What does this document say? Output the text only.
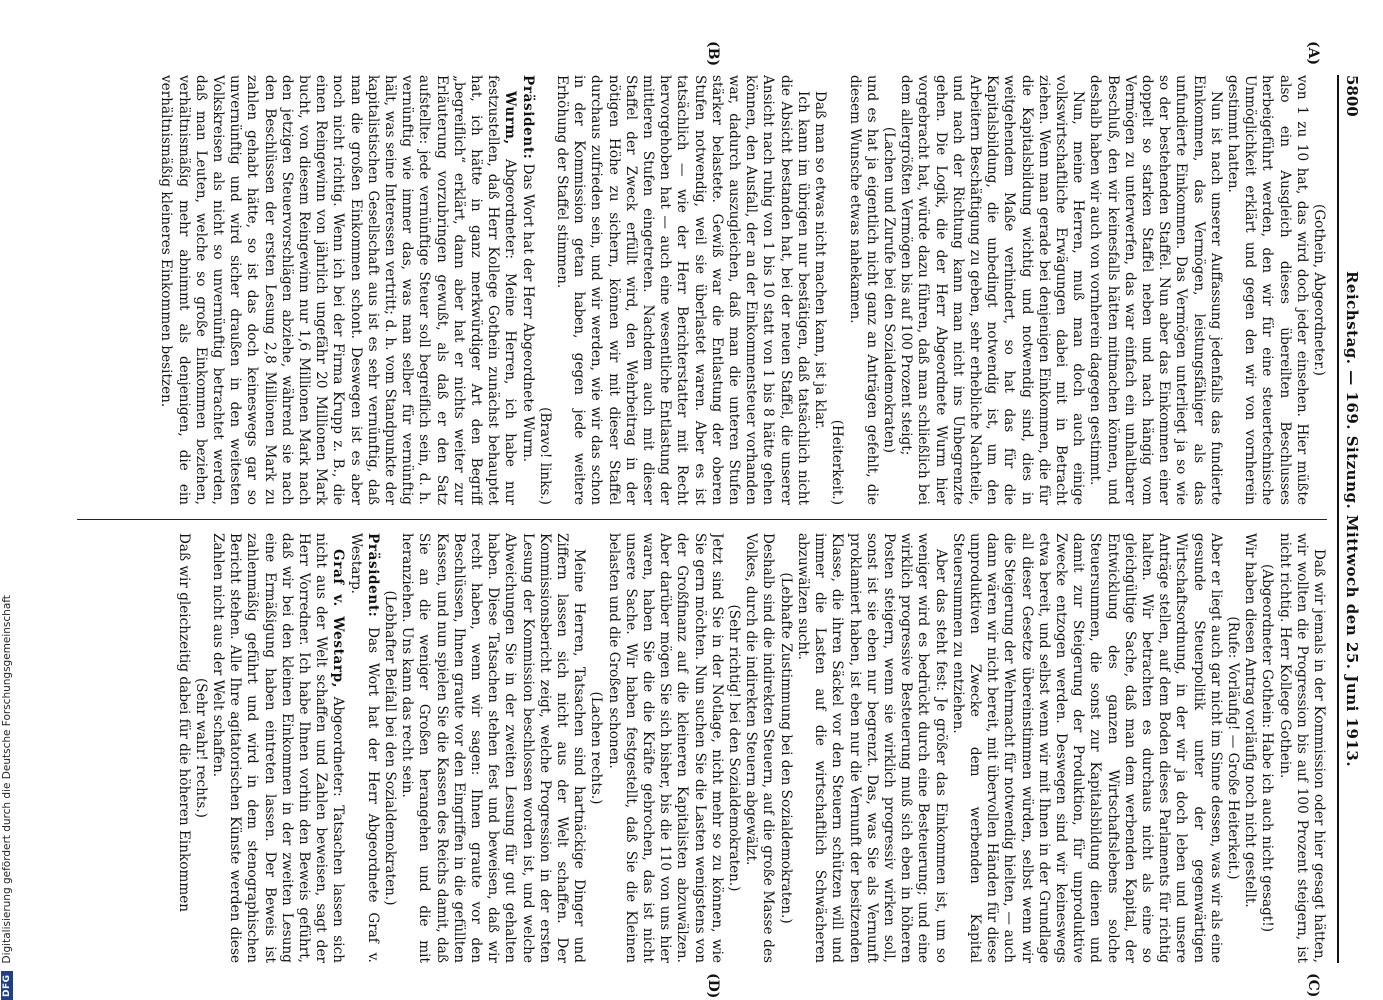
5800
Reichstag. — 169. Sitzung. Mittwoch den 25. Juni 1913.
(A)
(B)
(C)
(D)

(Gothein, Abgeordneter.)

von 1 zu 10 hat, das wird doch jeder einsehen. Hier müßte also ein Ausgleich dieses übereilten Beschlusses herbeigeführt werden, den wir für eine steuertechnische Unmöglichkeit erklärt und gegen den wir von vornherein gestimmt hatten.

Nun ist nach unserer Auffassung jedenfalls das fundierte Einkommen, das Vermögen, leistungsfähiger als das unfundierte Einkommen. Das Vermögen unterliegt ja so wie so der bestehenden Staffel. Nun aber das Einkommen einer doppelt so starken Staffel neben und nach hängig vom Vermögen zu unterwerfen, das war einfach ein unhaltbarer Beschluß, den wir keinesfalls hätten mitmachen können, und deshalb haben wir auch von vornherein dagegen gestimmt.

Nun, meine Herren, muß man doch auch einige volkswirtschaftliche Erwägungen dabei mit in Betracht ziehen. Wenn man gerade bei denjenigen Einkommen, die für die Kapitalsbildung wichtig und notwendig sind, dies in weitgehendem Maße verhindert, so hat das für die Kapitalsbildung, die unbedingt notwendig ist, um den Arbeitern Beschäftigung zu geben, sehr erhebliche Nachteile, und nach der Richtung kann man nicht ins Unbegrenzte gehen. Die Logik, die der Herr Abgeordnete Wurm hier vorgebracht hat, würde dazu führen, daß man schließlich bei dem allergrößten Vermögen bis auf 100 Prozent steigt;

(Lachen und Zurufe bei den Sozialdemokraten)

und es hat ja eigentlich nicht ganz an Anträgen gefehlt, die diesem Wunsche etwas nahekamen.

(Heiterkeit.)

Daß man so etwas nicht machen kann, ist ja klar.

Ich kann im übrigen nur bestätigen, daß tatsächlich nicht die Absicht bestanden hat, bei der neuen Staffel, die unserer Ansicht nach ruhig von 1 bis 10 statt von 1 bis 8 hätte gehen können, den Ausfall, der an der Einkommensteuer vorhanden war, dadurch auszugleichen, daß man die unteren Stufen stärker belastete. Gewiß war die Entlastung der oberen Stufen notwendig, weil sie überlastet waren. Aber es ist tatsächlich — wie der Herr Berichterstatter mit Recht hervorgehoben hat — auch eine wesentliche Entlastung der mittleren Stufen eingetreten. Nachdem auch mit dieser Staffel der Zweck erfüllt wird, den Wehrbeitrag in der nötigen Höhe zu sichern, können wir mit dieser Staffel durchaus zufrieden sein, und wir werden, wie wir das schon in der Kommission getan haben, gegen jede weitere Erhöhung der Staffel stimmen.

(Bravo! links.)

Präsident: Das Wort hat der Herr Abgeordnete Wurm.

Wurm, Abgeordneter: Meine Herren, ich habe nur festzustellen, daß Herr Kollege Gothein zunächst behauptet hat, ich hätte in ganz merkwürdiger Art den Begriff „begreiflich“ erklärt, dann aber hat er nichts weiter zur Erläuterung vorzubringen gewußt, als daß er den Satz aufstellte: jede vernünftige Steuer soll begreiflich sein, d. h. vernünftig wie immer das, was man selber für vernünftig hält, was seine Interessen vertritt; d. h. vom Standpunkte der kapitalistischen Gesellschaft aus ist es sehr vernünftig, daß man die großen Einkommen schont. Deswegen ist es aber noch nicht richtig. Wenn ich bei der Firma Krupp z. B., die einen Reingewinn von jährlich ungefähr 20 Millionen Mark bucht, von diesem Reingewinn nur 1,6 Millionen Mark nach den jetzigen Steuervorschlägen abziehe, während sie nach den Beschlüssen der ersten Lesung 2,8 Millionen Mark zu zahlen gehabt hätte, so ist das doch keineswegs gar so unvernünftig und wird sicher draußen in den weitesten Volkskreisen als nicht so unvernünftig betrachtet werden, daß man Leuten, welche so große Einkommen beziehen, verhältnismäßig mehr abnimmt als denjenigen, die ein verhältnismäßig kleineres Einkommen besitzen.

Daß wir jemals in der Kommission oder hier gesagt hätten, wir wollten die Progression bis auf 100 Prozent steigern, ist nicht richtig. Herr Kollege Gothein.

(Abgeordneter Gothein: Habe ich auch nicht gesagt!)

Wir haben diesen Antrag vorläufig noch nicht gestellt.

(Rufe: Vorläufig! — Große Heiterkeit.)

Aber er liegt auch gar nicht im Sinne dessen, was wir als eine gesunde Steuerpolitik unter der gegenwärtigen Wirtschaftsordnung, in der wir ja doch leben und unsere Anträge stellen, auf dem Boden dieses Parlaments für richtig halten. Wir betrachten es durchaus nicht als eine so gleichgültige Sache, daß man dem werbenden Kapital, der Entwicklung des ganzen Wirtschaftslebens solche Steuersummen, die sonst zur Kapitalsbildung dienen und damit zur Steigerung der Produktion, für unproduktive Zwecke entzogen werden. Deswegen sind wir keineswegs etwa bereit, und selbst wenn wir mit Ihnen in der Grundlage all dieser Gesetze übereinstimmen würden, selbst wenn wir die Steigerung der Wehrmacht für notwendig hielten, — auch dann wären wir nicht bereit, mit übervollen Händen für diese unproduktiven Zwecke dem werbenden Kapital Steuersummen zu entziehen.

Aber das steht fest: Je größer das Einkommen ist, um so weniger wird es bedrückt durch eine Besteuerung; und eine wirklich progressive Besteuerung muß sich eben in höheren Posten steigern, wenn sie wirklich progressiv wirken soll, sonst ist sie eben nur begrenzt. Das, was Sie als Vernunft proklamiert haben, ist eben nur die Vernunft der besitzenden Klasse, die ihren Säckel vor den Steuern schützen will und immer die Lasten auf die wirtschaftlich Schwächeren abzuwälzen sucht.

(Lebhafte Zustimmung bei den Sozialdemokraten.)

Deshalb sind die indirekten Steuern, auf die große Masse des Volkes, durch die indirekten Steuern abgewälzt.

(Sehr richtig! bei den Sozialdemokraten.)

Jetzt sind Sie in der Notlage, nicht mehr so zu können, wie Sie gern möchten. Nun suchen Sie die Lasten wenigstens von der Großfinanz auf die kleineren Kapitalisten abzuwälzen. Aber darüber mögen Sie sich bisher, bis die 110 von uns hier waren, haben Sie die die Kräfte gebrochen, das ist nicht unsere Sache. Wir haben festgestellt, daß Sie die Kleinen belasten und die Großen schonen.

(Lachen rechts.)

Meine Herren, Tatsachen sind hartnäckige Dinger und Ziffern lassen sich nicht aus der Welt schaffen. Der Kommissionsbericht zeigt, welche Progression in der ersten Lesung der Kommission beschlossen worden ist, und welche Abweichungen Sie in der zweiten Lesung für gut gehalten haben. Diese Tatsachen stehen fest und beweisen, daß wir recht haben, wenn wir sagen: Ihnen graute vor den Beschlüssen, Ihnen graute vor den Eingriffen in die gefüllten Kassen, und nun spielen Sie die Kassen des Reichs damit, daß Sie an die weniger Großen herangehen und die mit heranziehen. Uns kann das recht sein.

(Lebhafter Beifall bei den Sozialdemokraten.)

Präsident: Das Wort hat der Herr Abgeordnete Graf v. Westarp.

Graf v. Westarp, Abgeordneter: Tatsachen lassen sich nicht aus der Welt schaffen und Zahlen beweisen, sagt der Herr Vorredner. Ich habe Ihnen vorhin den Beweis geführt, daß wir bei den kleinen Einkommen in der zweiten Lesung eine Ermäßigung haben eintreten lassen. Der Beweis ist zahlenmäßig geführt und wird in dem stenographischen Bericht stehen. Alle Ihre agitatorischen Künste werden diese Zahlen nicht aus der Welt schaffen.

(Sehr wahr! rechts.)

Daß wir gleichzeitig dabei für die höheren Einkommen

DFG
Digitalisierung gefördert durch die Deutsche Forschungsgemeinschaft
